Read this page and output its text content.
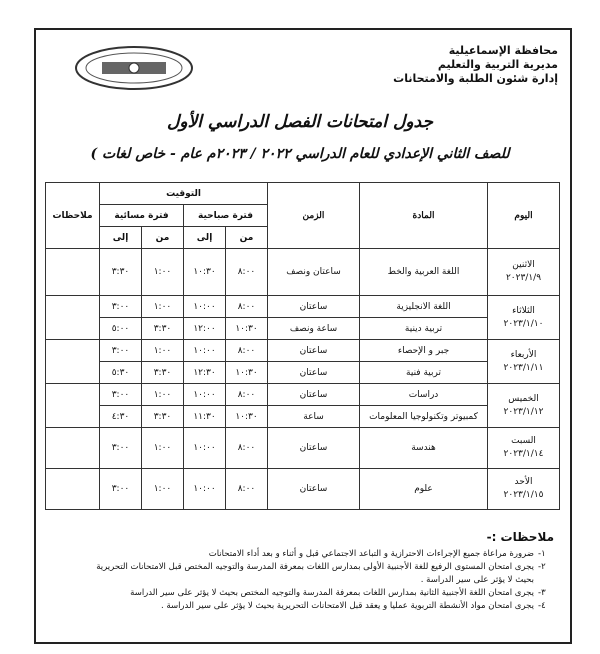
محافظة الإسماعيلية
مديرية التربية والتعليم
إدارة شئون الطلبة والامتحانات
جدول امتحانات الفصل الدراسي الأول
للصف الثاني الإعدادي للعام الدراسي ٢٠٢٢ / ٢٠٢٣م عام - خاص لغات )
اليوم	المادة	الزمن	التوقيت				ملاحظات
			فترة صباحية		فترة مسائية		
			من	إلى	من	إلى	

الاثنين
٢٠٢٣/١/٩	اللغة العربية والخط	ساعتان ونصف	٨:٠٠	١٠:٣٠	١:٠٠	٣:٣٠	

الثلاثاء
٢٠٢٣/١/١٠	اللغة الانجليزية	ساعتان	٨:٠٠	١٠:٠٠	١:٠٠	٣:٠٠	
	تربية دينية	ساعة ونصف	١٠:٣٠	١٢:٠٠	٣:٣٠	٥:٠٠	

الأربعاء
٢٠٢٣/١/١١	جبر و الإحصاء	ساعتان	٨:٠٠	١٠:٠٠	١:٠٠	٣:٠٠	
	تربية فنية	ساعتان	١٠:٣٠	١٢:٣٠	٣:٣٠	٥:٣٠	

الخميس
٢٠٢٣/١/١٢	دراسات	ساعتان	٨:٠٠	١٠:٠٠	١:٠٠	٣:٠٠	
	كمبيوتر وتكنولوجيا المعلومات	ساعة	١٠:٣٠	١١:٣٠	٣:٣٠	٤:٣٠	

السبت
٢٠٢٣/١/١٤	هندسة	ساعتان	٨:٠٠	١٠:٠٠	١:٠٠	٣:٠٠	

الأحد
٢٠٢٣/١/١٥	علوم	ساعتان	٨:٠٠	١٠:٠٠	١:٠٠	٣:٠٠	
ملاحظات :-
١-
ضرورة مراعاة جميع الإجراءات الاحترازية و التباعد الاجتماعي قبل و أثناء و بعد أداء الامتحانات
٢-
يجرى امتحان المستوى الرفيع للغة الأجنبية الأولى بمدارس اللغات بمعرفة المدرسة والتوجيه المختص قبل الامتحانات التحريرية بحيث لا يؤثر على سير الدراسة .
٣-
يجرى امتحان اللغة الأجنبية الثانية بمدارس اللغات بمعرفة المدرسة والتوجيه المختص بحيث لا يؤثر على سير الدراسة
٤-
يجرى امتحان مواد الأنشطة التربوية عمليا و يعقد قبل الامتحانات التحريرية بحيث لا يؤثر على سير الدراسة .
